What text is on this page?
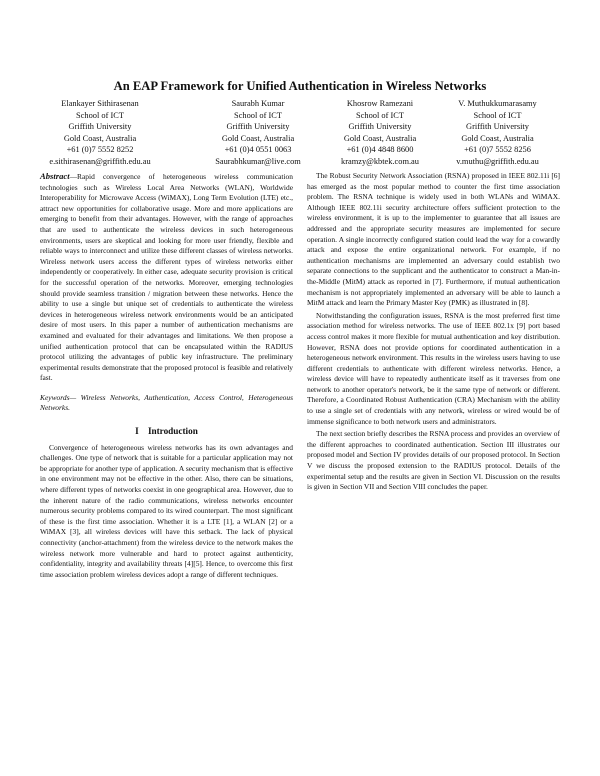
An EAP Framework for Unified Authentication in Wireless Networks
Elankayer Sithirasenan
School of ICT
Griffith University
Gold Coast, Australia
+61 (0)7 5552 8252
e.sithirasenan@griffith.edu.au
Saurabh Kumar
School of ICT
Griffith University
Gold Coast, Australia
+61 (0)4 0551 0063
Saurabhkumar@live.com
Khosrow Ramezani
School of ICT
Griffith University
Gold Coast, Australia
+61 (0)4 4848 8600
kramzy@kbtek.com.au
V. Muthukkumarasamy
School of ICT
Griffith University
Gold Coast, Australia
+61 (0)7 5552 8256
v.muthu@griffith.edu.au

Abstract—Rapid convergence of heterogeneous wireless communication technologies such as Wireless Local Area Networks (WLAN), Worldwide Interoperability for Microwave Access (WiMAX), Long Term Evolution (LTE) etc., attract new opportunities for collaborative usage. More and more applications are emerging to benefit from their advantages. However, with the range of approaches that are used to authenticate the wireless devices in such heterogeneous environments, users are skeptical and looking for more user friendly, flexible and reliable ways to interconnect and utilize these different classes of wireless networks. Wireless network users access the different types of wireless networks either independently or cooperatively. In either case, adequate security provision is critical for the successful operation of the networks. Moreover, emerging technologies should provide seamless transition / migration between these networks. Hence the ability to use a single but unique set of credentials to authenticate the wireless devices in heterogeneous wireless network environments would be an anticipated desire of most users. In this paper a number of authentication mechanisms are examined and evaluated for their advantages and limitations. We then propose a unified authentication protocol that can be encapsulated within the RADIUS protocol utilizing the advantages of public key infrastructure. The preliminary experimental results demonstrate that the proposed protocol is feasible and relatively fast.

Keywords— Wireless Networks, Authentication, Access Control, Heterogeneous Networks.

I Introduction

Convergence of heterogeneous wireless networks has its own advantages and challenges. One type of network that is suitable for a particular application may not be appropriate for another type of application. A security mechanism that is effective in one environment may not be effective in the other. Also, there can be situations, where different types of networks coexist in one geographical area. However, due to the inherent nature of the radio communications, wireless networks encounter numerous security problems compared to its wired counterpart. The most significant of these is the first time association. Whether it is a LTE [1], a WLAN [2] or a WiMAX [3], all wireless devices will have this setback. The lack of physical connectivity (anchor-attachment) from the wireless device to the network makes the wireless network more vulnerable and hard to protect against authenticity, confidentiality, integrity and availability threats [4][5]. Hence, to overcome this first time association problem wireless devices adopt a range of different techniques.

The Robust Security Network Association (RSNA) proposed in IEEE 802.11i [6] has emerged as the most popular method to counter the first time association problem. The RSNA technique is widely used in both WLANs and WiMAX. Although IEEE 802.11i security architecture offers sufficient protection to the wireless environment, it is up to the implementer to guarantee that all issues are addressed and the appropriate security measures are implemented for secure operation. A single incorrectly configured station could lead the way for a cowardly attack and expose the entire organizational network. For example, if no authentication mechanisms are implemented an adversary could establish two separate connections to the supplicant and the authenticator to construct a Man-in-the-Middle (MitM) attack as reported in [7]. Furthermore, if mutual authentication mechanism is not appropriately implemented an adversary will be able to launch a MitM attack and learn the Primary Master Key (PMK) as illustrated in [8].

Notwithstanding the configuration issues, RSNA is the most preferred first time association method for wireless networks. The use of IEEE 802.1x [9] port based access control makes it more flexible for mutual authentication and key distribution. However, RSNA does not provide options for coordinated authentication in a heterogeneous network environment. This results in the wireless users having to use different credentials to authenticate with different wireless networks. Hence, a wireless device will have to repeatedly authenticate itself as it traverses from one network to another operator's network, be it the same type of network or different. Therefore, a Coordinated Robust Authentication (CRA) Mechanism with the ability to use a single set of credentials with any network, wireless or wired would be of immense significance to both network users and administrators.

The next section briefly describes the RSNA process and provides an overview of the different approaches to coordinated authentication. Section III illustrates our proposed model and Section IV provides details of our proposed protocol. In Section V we discuss the proposed extension to the RADIUS protocol. Details of the experimental setup and the results are given in Section VI. Discussion on the results is given in Section VII and Section VIII concludes the paper.
